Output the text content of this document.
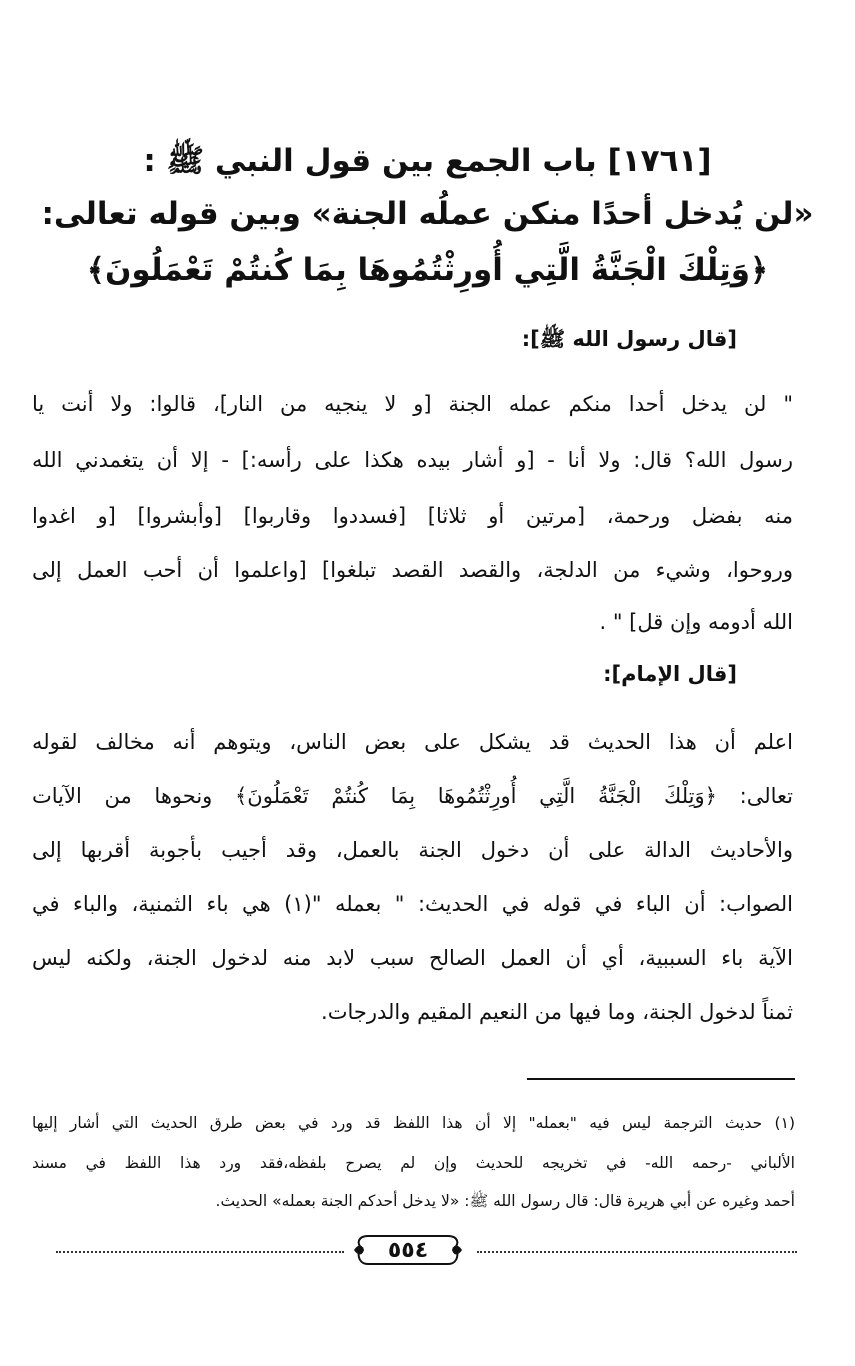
[١٧٦١] باب الجمع بين قول النبي ﷺ :
«لن يُدخل أحدًا منكن عملُه الجنة» وبين قوله تعالى:
﴿وَتِلْكَ الْجَنَّةُ الَّتِي أُورِثْتُمُوهَا بِمَا كُنتُمْ تَعْمَلُونَ﴾
[قال رسول الله ﷺ]:
" لن يدخل أحدا منكم عمله الجنة [و لا ينجيه من النار]، قالوا: ولا أنت يا
رسول الله؟ قال: ولا أنا - [و أشار بيده هكذا على رأسه:] - إلا أن يتغمدني الله
منه بفضل ورحمة، [مرتين أو ثلاثا] [فسددوا وقاربوا] [وأبشروا] [و اغدوا
وروحوا، وشيء من الدلجة، والقصد القصد تبلغوا] [واعلموا أن أحب العمل إلى
الله أدومه وإن قل] " .
[قال الإمام]:
اعلم أن هذا الحديث قد يشكل على بعض الناس، ويتوهم أنه مخالف لقوله
تعالى: ﴿وَتِلْكَ الْجَنَّةُ الَّتِي أُورِثْتُمُوهَا بِمَا كُنتُمْ تَعْمَلُونَ﴾ ونحوها من الآيات
والأحاديث الدالة على أن دخول الجنة بالعمل، وقد أجيب بأجوبة أقربها إلى
الصواب: أن الباء في قوله في الحديث: " بعمله "(١) هي باء الثمنية، والباء في
الآية باء السببية، أي أن العمل الصالح سبب لابد منه لدخول الجنة، ولكنه ليس
ثمناً لدخول الجنة، وما فيها من النعيم المقيم والدرجات.
(١) حديث الترجمة ليس فيه "بعمله" إلا أن هذا اللفظ قد ورد في بعض طرق الحديث التي أشار إليها
الألباني -رحمه الله- في تخريجه للحديث وإن لم يصرح بلفظه،فقد ورد هذا اللفظ في مسند
أحمد وغيره عن أبي هريرة قال: قال رسول الله ﷺ: «لا يدخل أحدكم الجنة بعمله» الحديث.
٥٥٤
